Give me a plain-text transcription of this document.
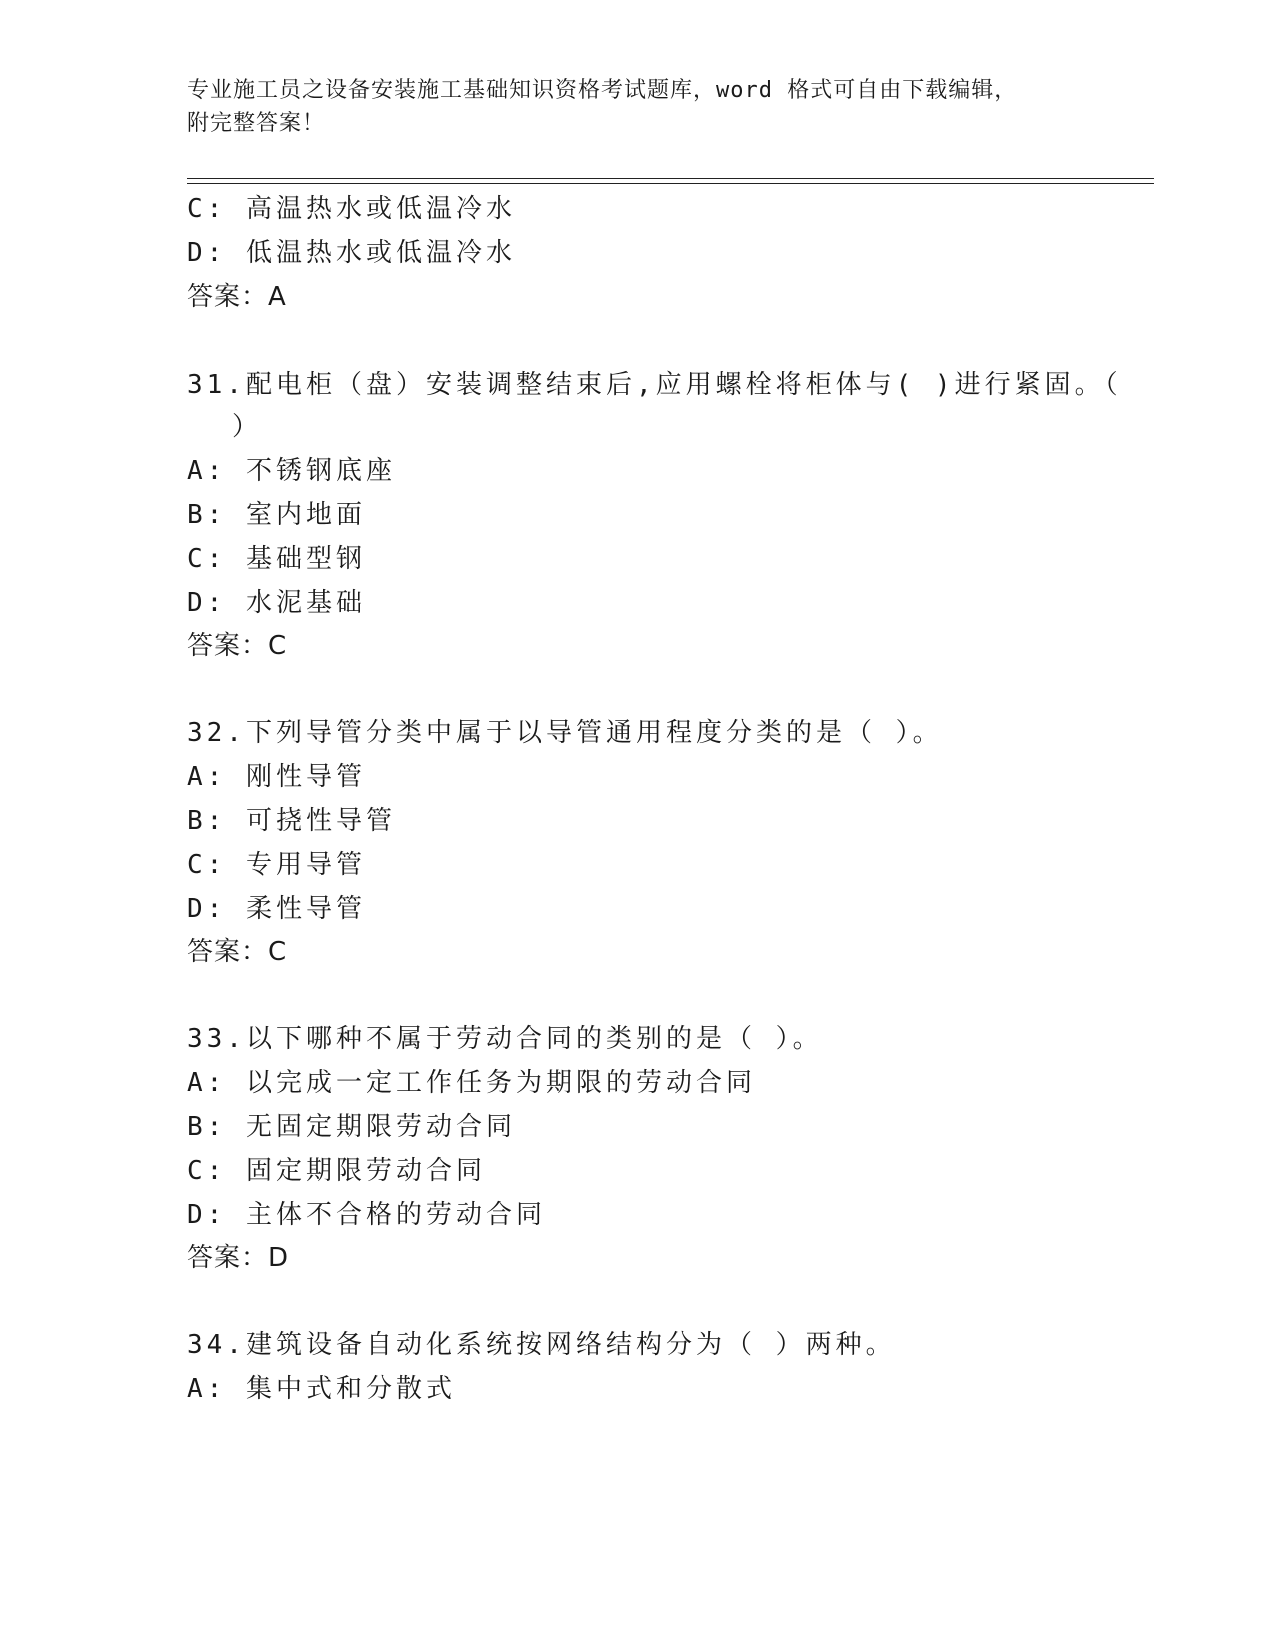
专业施工员之设备安装施工基础知识资格考试题库，word 格式可自由下载编辑，
附完整答案！
C: 高温热水或低温冷水
D: 低温热水或低温冷水
答案：A
31.配电柜（盘）安装调整结束后,应用螺栓将柜体与( )进行紧固。（
）
A: 不锈钢底座
B: 室内地面
C: 基础型钢
D: 水泥基础
答案：C
32.下列导管分类中属于以导管通用程度分类的是（ ）。
A: 刚性导管
B: 可挠性导管
C: 专用导管
D: 柔性导管
答案：C
33.以下哪种不属于劳动合同的类别的是（ ）。
A: 以完成一定工作任务为期限的劳动合同
B: 无固定期限劳动合同
C: 固定期限劳动合同
D: 主体不合格的劳动合同
答案：D
34.建筑设备自动化系统按网络结构分为（ ）两种。
A: 集中式和分散式
